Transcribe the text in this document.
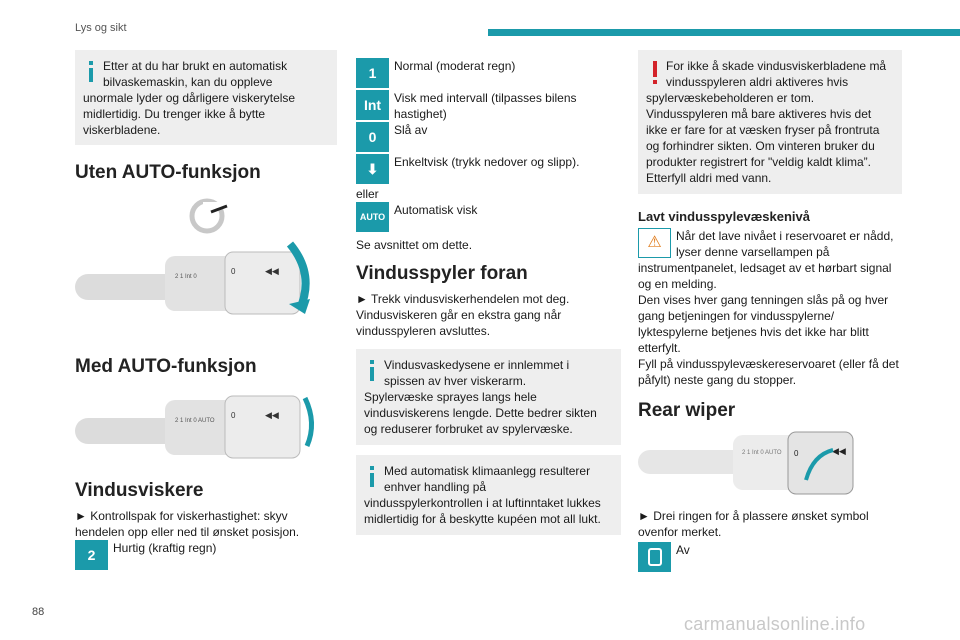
Lys og sikt
Etter at du har brukt en automatisk
bilvaskemaskin, kan du oppleve
unormale lyder og dårligere viskerytelse midlertidig. Du trenger ikke å bytte viskerbladene.
Uten AUTO-funksjon
2 1 Int 0
0	◀◀
Med AUTO-funksjon
2 1 Int 0 AUTO
0	◀◀
Vindusviskere
► Kontrollspak for viskerhastighet: skyv hendelen opp eller ned til ønsket posisjon.
2	Hurtig (kraftig regn)
1	Normal (moderat regn)
Int	Visk med intervall (tilpasses bilens hastighet)
0	Slå av
⬇	Enkeltvisk (trykk nedover og slipp).
eller
AUTO Automatisk visk
Se avsnittet om dette.
Vindusspyler foran
► Trekk vindusviskerhendelen mot deg. Vindusviskeren går en ekstra gang når vindusspyleren avsluttes.
Vindusvaskedysene er innlemmet i
spissen av hver viskerarm.
Spylervæske sprayes langs hele vindusviskerens lengde. Dette bedrer sikten og reduserer forbruket av spylervæske.
Med automatisk klimaanlegg resulterer
enhver handling på
vindusspylerkontrollen i at luftinntaket lukkes midlertidig for å beskytte kupéen mot all lukt.
For ikke å skade vindusviskerbladene må
vindusspyleren aldri aktiveres hvis
spylervæskebeholderen er tom. Vindusspyleren må bare aktiveres hvis det ikke er fare for at væsken fryser på frontruta og forhindrer sikten. Om vinteren bruker du produkter registrert for "veldig kaldt klima”. Etterfyll aldri med vann.
Lavt vindusspylevæskenivå
⚠	Når det lave nivået i reservoaret er nådd,
lyser denne varsellampen på
instrumentpanelet, ledsaget av et hørbart signal og en melding.
Den vises hver gang tenningen slås på og hver gang betjeningen for vindusspylerne/ lyktespylerne betjenes hvis det ikke har blitt etterfylt.
Fyll på vindusspylevæskereservoaret (eller få det påfylt) neste gang du stopper.
Rear wiper
2 1 Int 0 AUTO 0	◀◀
► Drei ringen for å plassere ønsket symbol ovenfor merket.
Av
88
carmanualsonline.info
